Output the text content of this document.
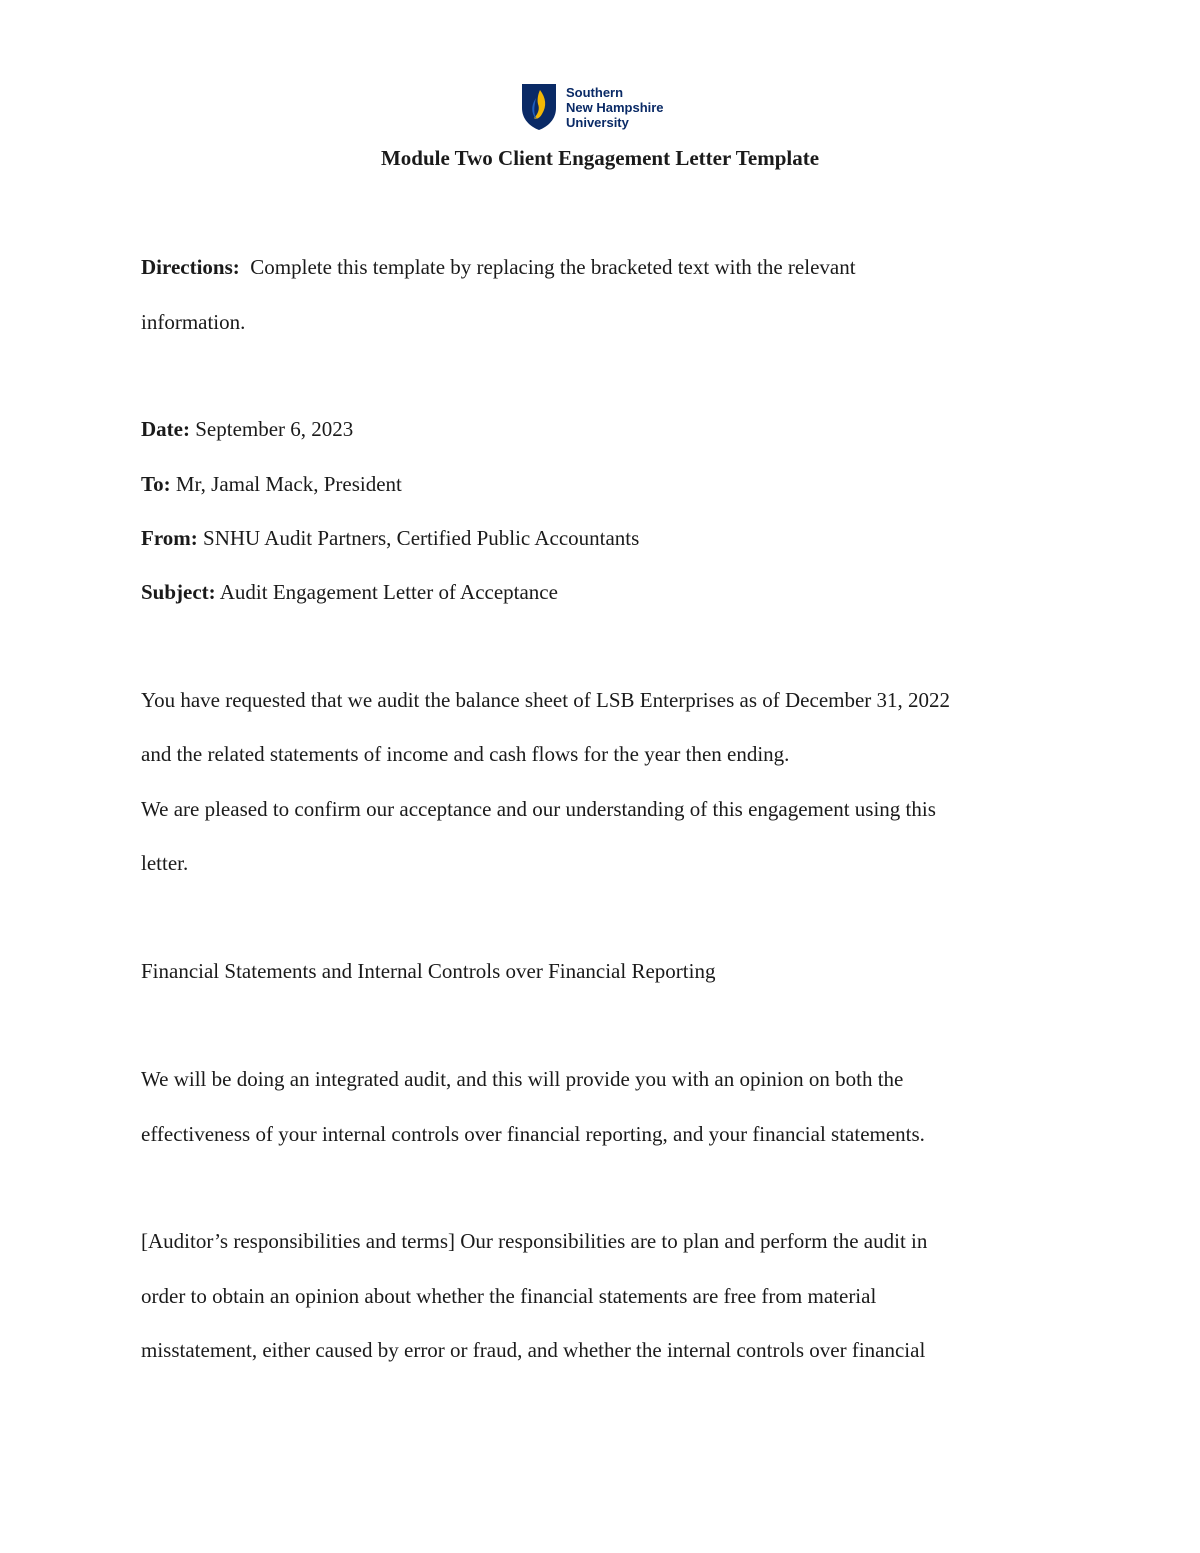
Southern
New Hampshire
University
Module Two Client Engagement Letter Template
Directions: Complete this template by replacing the bracketed text with the relevant
information.
Date: September 6, 2023
To: Mr, Jamal Mack, President
From: SNHU Audit Partners, Certified Public Accountants
Subject: Audit Engagement Letter of Acceptance
You have requested that we audit the balance sheet of LSB Enterprises as of December 31, 2022
and the related statements of income and cash flows for the year then ending.
We are pleased to confirm our acceptance and our understanding of this engagement using this
letter.
Financial Statements and Internal Controls over Financial Reporting
We will be doing an integrated audit, and this will provide you with an opinion on both the
effectiveness of your internal controls over financial reporting, and your financial statements.
[Auditor’s responsibilities and terms] Our responsibilities are to plan and perform the audit in
order to obtain an opinion about whether the financial statements are free from material
misstatement, either caused by error or fraud, and whether the internal controls over financial
